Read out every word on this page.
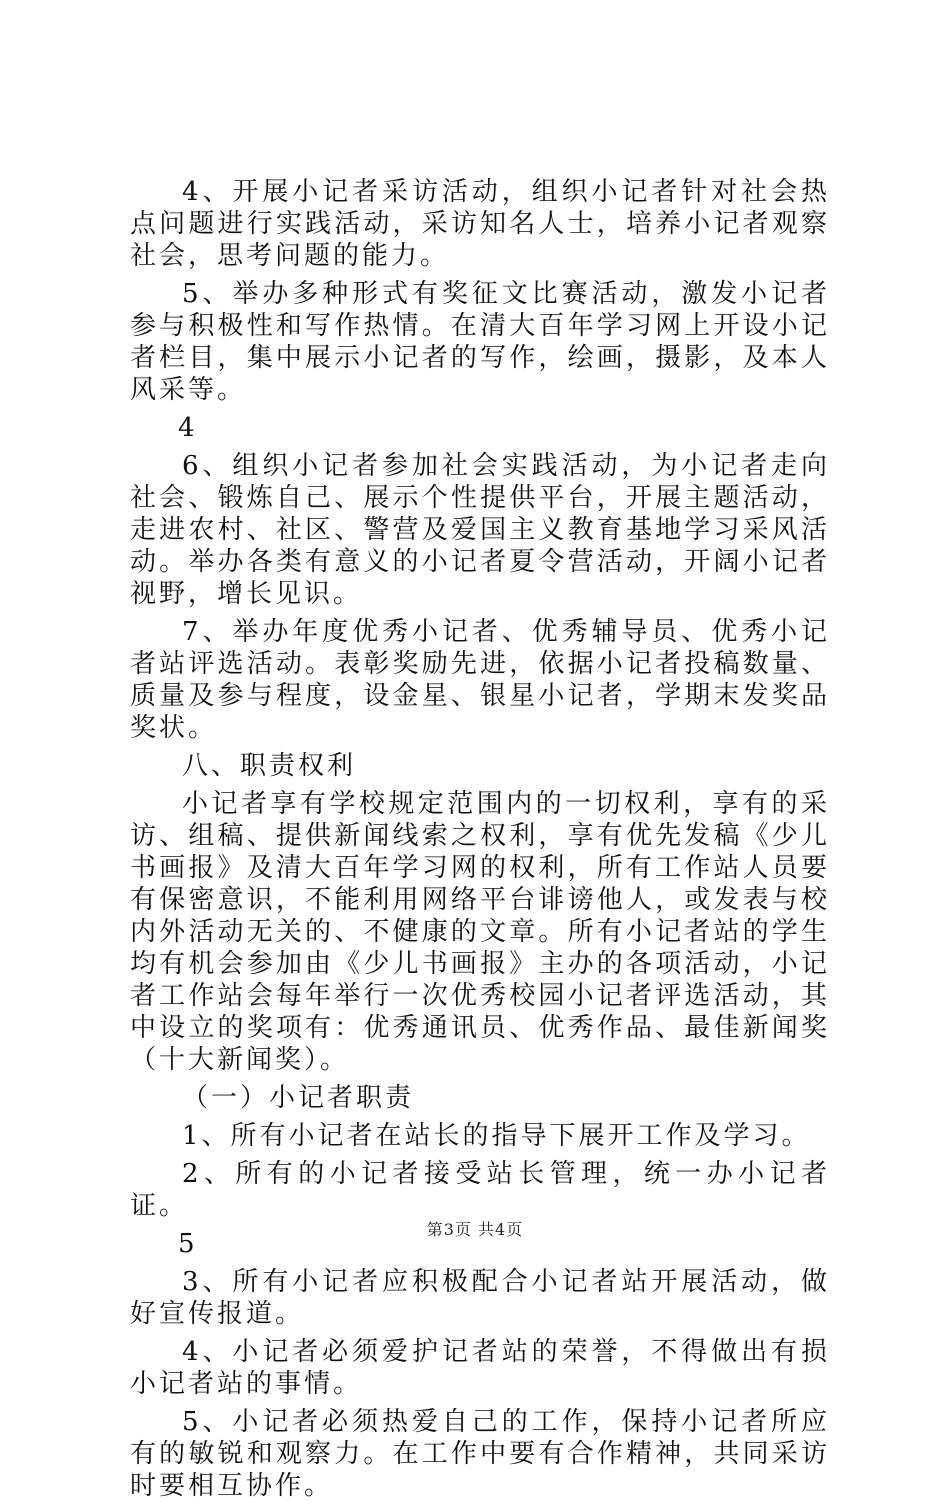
4、开展小记者采访活动，组织小记者针对社会热点问题进行实践活动，采访知名人士，培养小记者观察社会，思考问题的能力。

5、举办多种形式有奖征文比赛活动，激发小记者参与积极性和写作热情。在清大百年学习网上开设小记者栏目，集中展示小记者的写作，绘画，摄影，及本人风采等。

4

6、组织小记者参加社会实践活动，为小记者走向社会、锻炼自己、展示个性提供平台，开展主题活动，走进农村、社区、警营及爱国主义教育基地学习采风活动。举办各类有意义的小记者夏令营活动，开阔小记者视野，增长见识。

7、举办年度优秀小记者、优秀辅导员、优秀小记者站评选活动。表彰奖励先进，依据小记者投稿数量、质量及参与程度，设金星、银星小记者，学期末发奖品奖状。

八、职责权利

小记者享有学校规定范围内的一切权利，享有的采访、组稿、提供新闻线索之权利，享有优先发稿《少儿书画报》及清大百年学习网的权利，所有工作站人员要有保密意识，不能利用网络平台诽谤他人，或发表与校内外活动无关的、不健康的文章。所有小记者站的学生均有机会参加由《少儿书画报》主办的各项活动，小记者工作站会每年举行一次优秀校园小记者评选活动，其中设立的奖项有：优秀通讯员、优秀作品、最佳新闻奖（十大新闻奖）。

（一）小记者职责

1、所有小记者在站长的指导下展开工作及学习。

2、所有的小记者接受站长管理，统一办小记者证。

5

3、所有小记者应积极配合小记者站开展活动，做好宣传报道。

4、小记者必须爱护记者站的荣誉，不得做出有损小记者站的事情。

5、小记者必须热爱自己的工作，保持小记者所应有的敏锐和观察力。在工作中要有合作精神，共同采访时要相互协作。

第3页 共4页
